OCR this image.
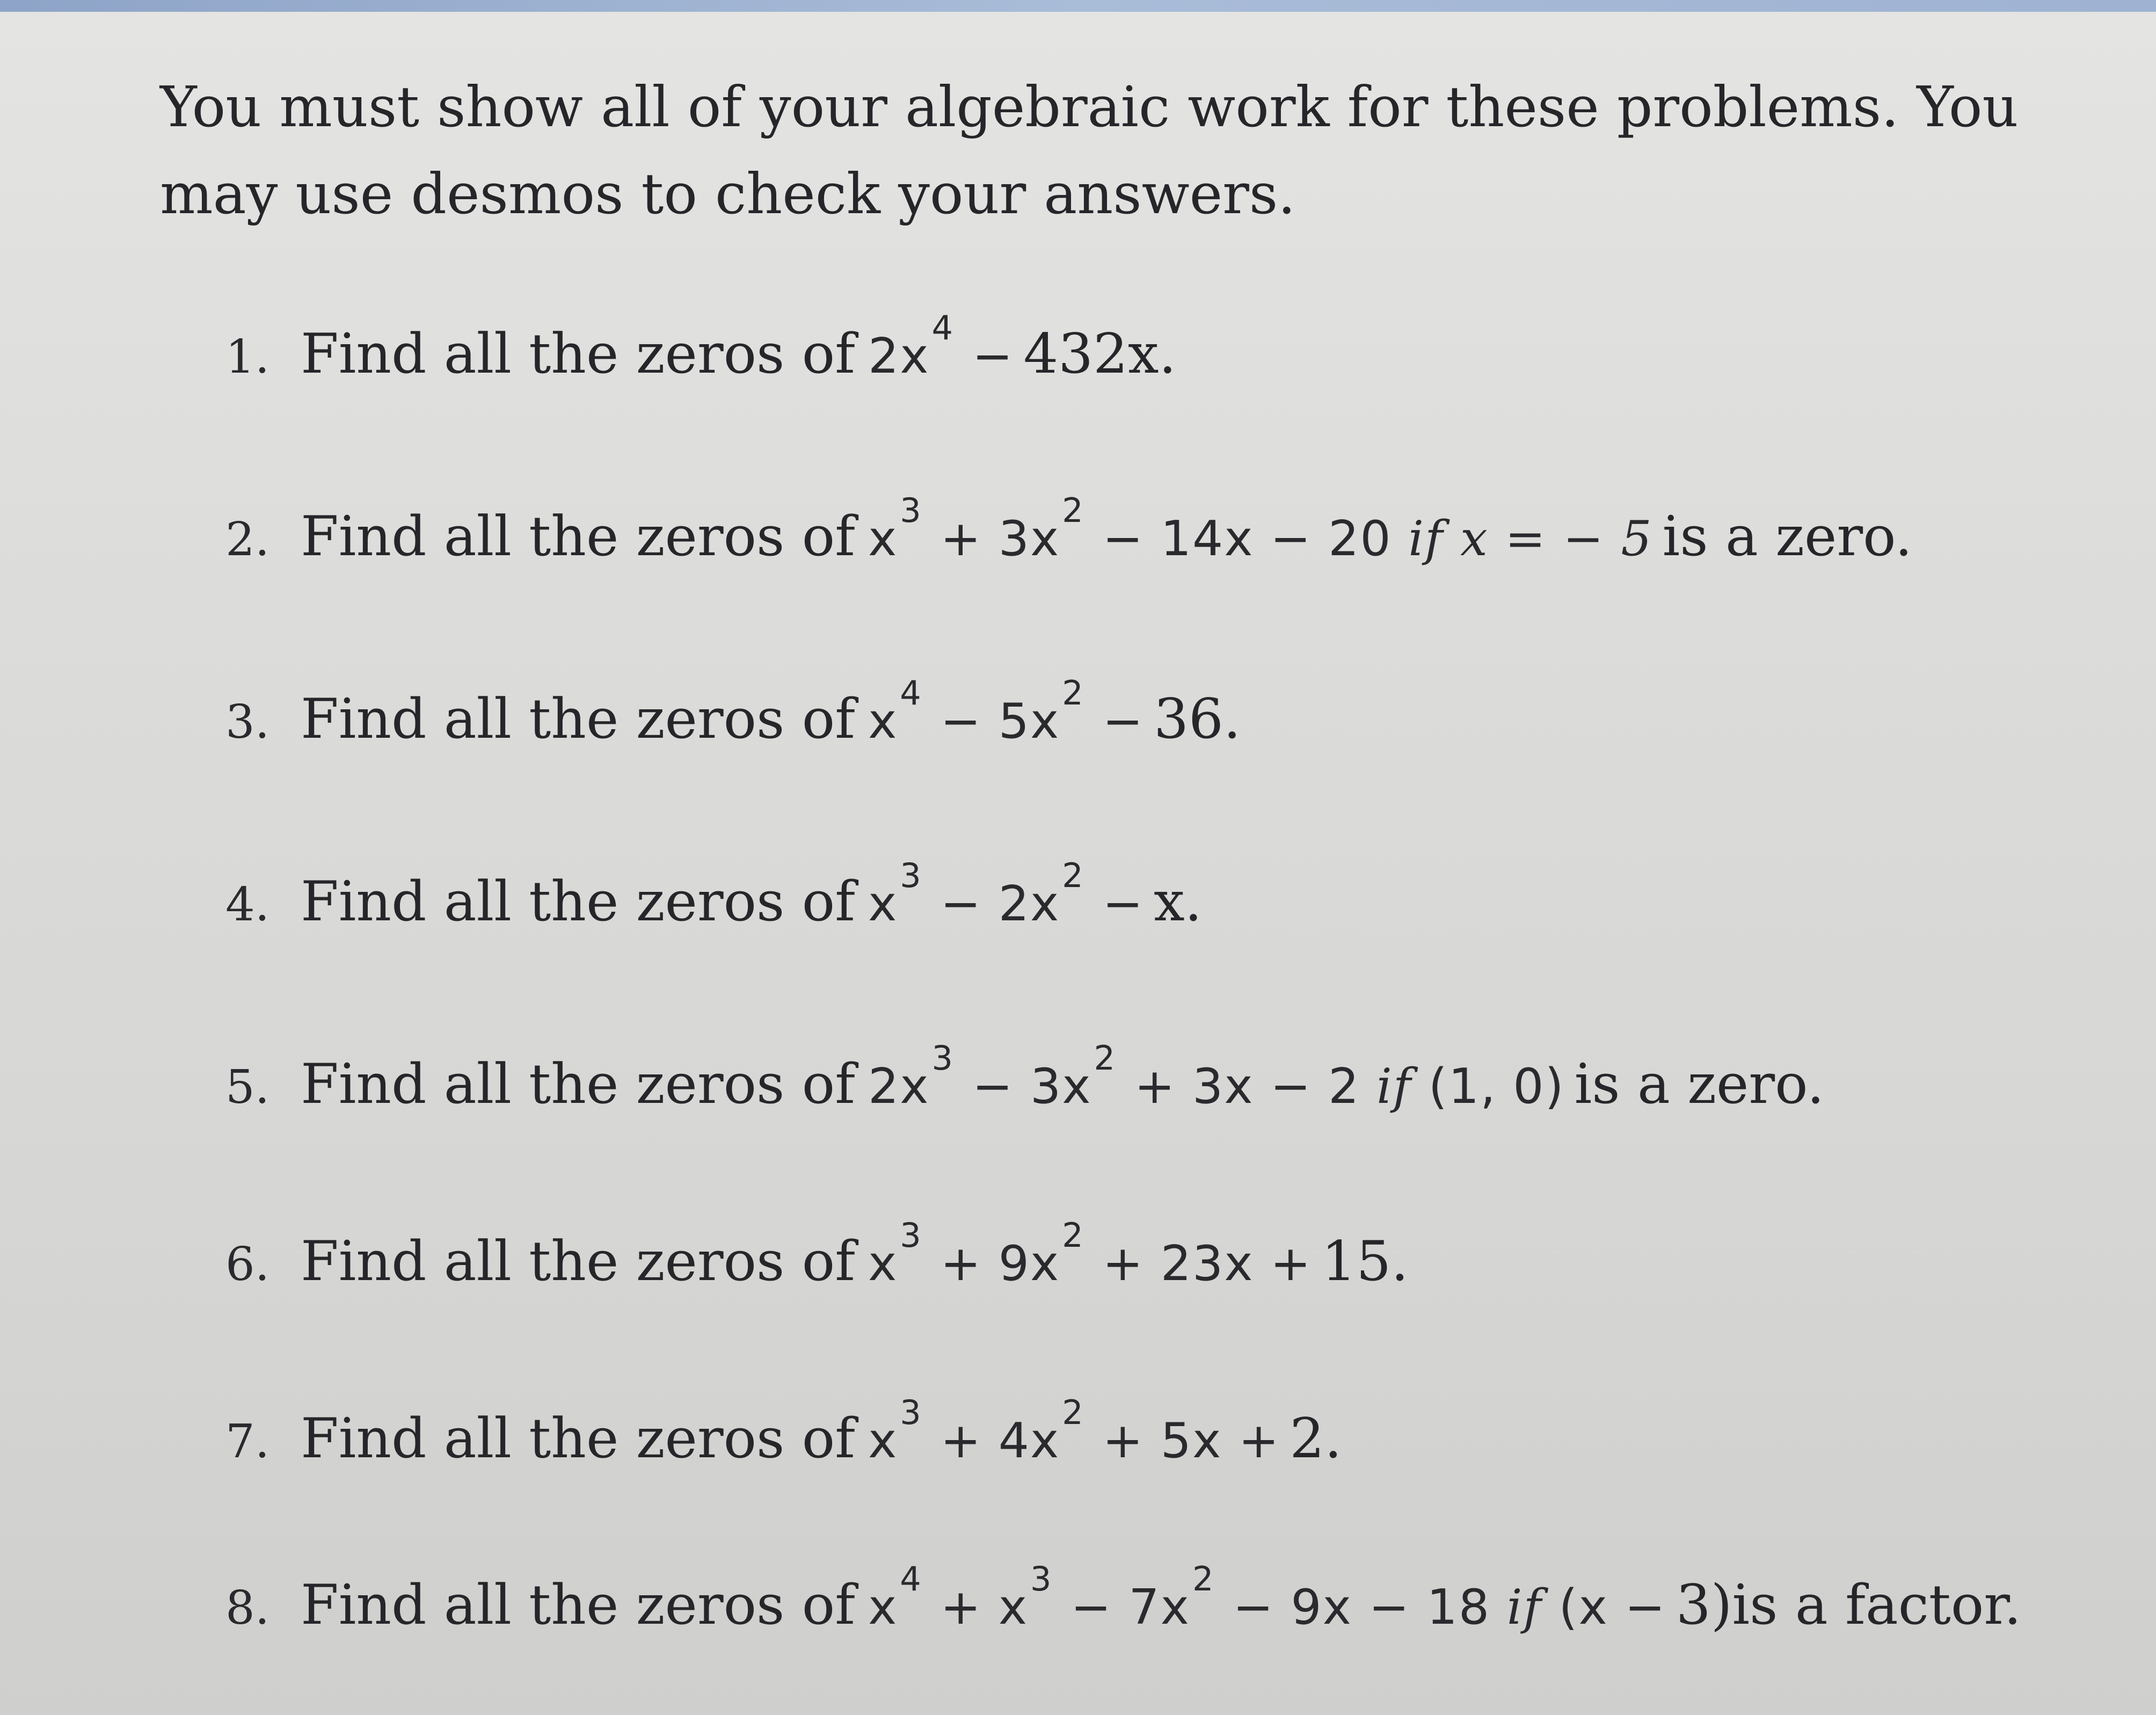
You must show all of your algebraic work for these problems. You may use desmos to check your answers.

1. Find all the zeros of $2x^4- 432x$.
2. Find all the zeros of $x^3+ 3x^2- 14x - 20$ if x = − 5 is a zero.
3. Find all the zeros of $x^4- 5x^2- 36$.
4. Find all the zeros of $x^3- 2x^2- x$.
5. Find all the zeros of $2x^3- 3x^2+ 3x - 2$ if (1, 0) is a zero.
6. Find all the zeros of $x^3+ 9x^2+ 23x + 15$.
7. Find all the zeros of $x^3+ 4x^2+ 5x + 2$.
8. Find all the zeros of $x^4+ x^3- 7x^2- 9x - 18$ if (x − 3)is a factor.
